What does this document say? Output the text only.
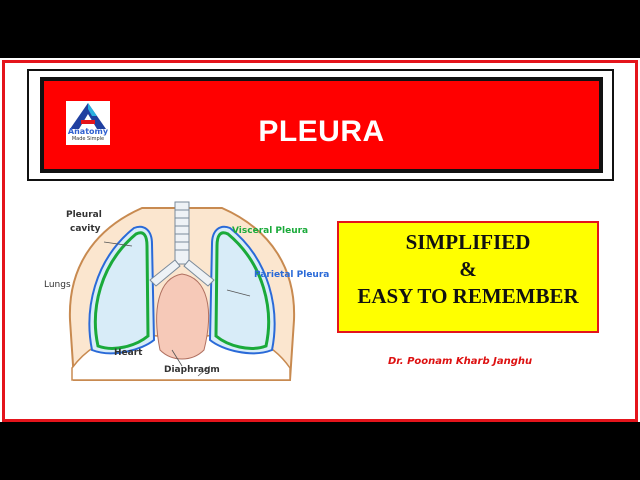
Anatomy
Made Simple	PLEURA
Pleural
cavity	Visceral Pleura
Parietal Pleura
Lungs
Heart
Diaphragm
SIMPLIFIED
&
EASY TO REMEMBER
Dr. Poonam Kharb Janghu
